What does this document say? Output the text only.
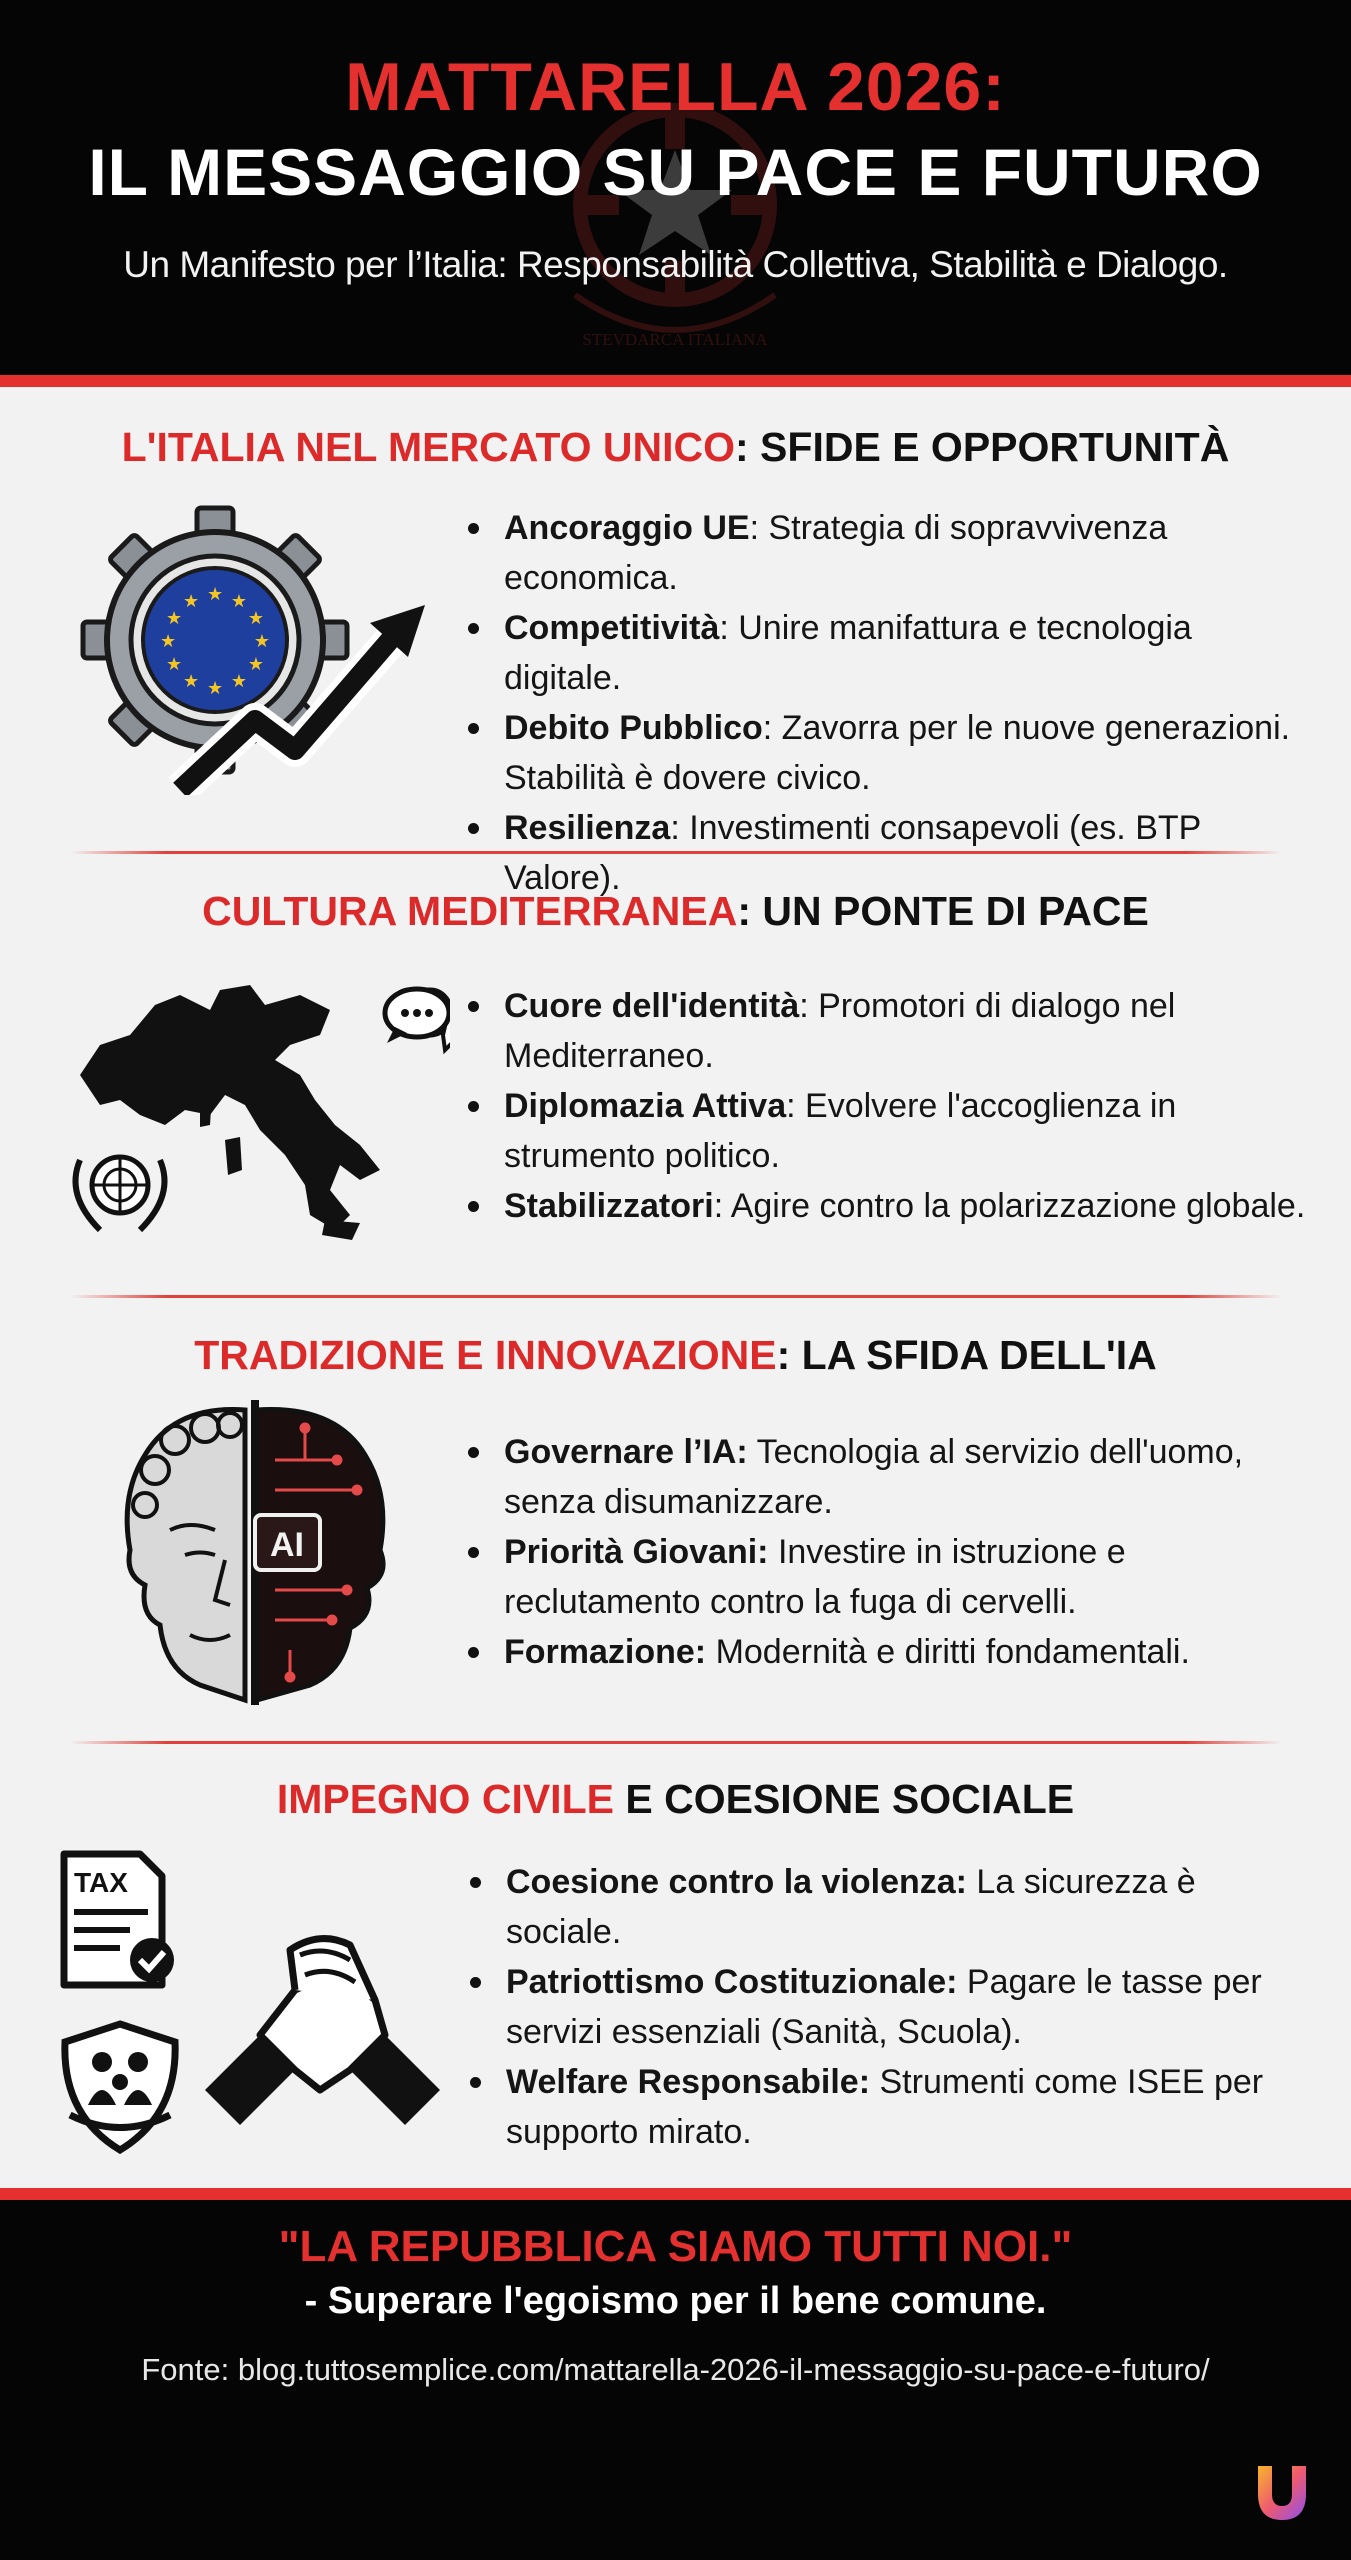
STEVDARCA ITALIANA
MATTARELLA 2026:
IL MESSAGGIO SU PACE E FUTURO
Un Manifesto per l’Italia: Responsabilità Collettiva, Stabilità e Dialogo.
L'ITALIA NEL MERCATO UNICO: SFIDE E OPPORTUNITÀ
★ ★
★
★
★
★
★
★
★
★
★
★
Ancoraggio UE: Strategia di sopravvivenza economica.
Competitività: Unire manifattura e tecnologia digitale.
Debito Pubblico: Zavorra per le nuove generazioni. Stabilità è dovere civico.
Resilienza: Investimenti consapevoli (es. BTP Valore).
CULTURA MEDITERRANEA: UN PONTE DI PACE
Cuore dell'identità: Promotori di dialogo nel Mediterraneo.
Diplomazia Attiva: Evolvere l'accoglienza in strumento politico.
Stabilizzatori: Agire contro la polarizzazione globale.
TRADIZIONE E INNOVAZIONE: LA SFIDA DELL'IA
AI
Governare l’IA: Tecnologia al servizio dell'uomo, senza disumanizzare.
Priorità Giovani: Investire in istruzione e reclutamento contro la fuga di cervelli.
Formazione: Modernità e diritti fondamentali.
IMPEGNO CIVILE E COESIONE SOCIALE
TAX	Coesione contro la violenza: La sicurezza è sociale.
Patriottismo Costituzionale: Pagare le tasse per servizi essenziali (Sanità, Scuola).
Welfare Responsabile: Strumenti come ISEE per supporto mirato.
"LA REPUBBLICA SIAMO TUTTI NOI."
- Superare l'egoismo per il bene comune.
Fonte: blog.tuttosemplice.com/mattarella-2026-il-messaggio-su-pace-e-futuro/
